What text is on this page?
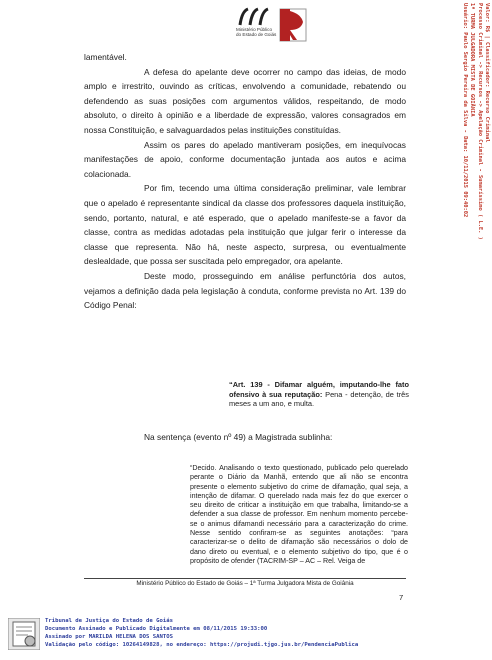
Ministério Público
do Estado de Goiás	Valor: R$ | Classificador: Recurso Criminal
Processo Criminal -> Recursos -> Apelação Criminal - Sumaríssimo ( L.E. )
1ª TURMA JULGADORA MISTA DE GOIÂNIA
Usuário: Paulo Sergio Pereira da Silva - Data: 10/11/2015 09:40:02

lamentável.

A defesa do apelante deve ocorrer no campo das ideias, de modo amplo e irrestrito, ouvindo as críticas, envolvendo a comunidade, rebatendo ou defendendo as suas posições com argumentos válidos, respeitando, de modo absoluto, o direito à opinião e a liberdade de expressão, valores consagrados em nossa Constituição, e salvaguardados pelas instituições constituídas.

Assim os pares do apelado mantiveram posições, em inequívocas manifestações de apoio, conforme documentação juntada aos autos e acima colacionada.

Por fim, tecendo uma última consideração preliminar, vale lembrar que o apelado é representante sindical da classe dos professores daquela instituição, sendo, portanto, natural, e até esperado, que o apelado manifeste-se a favor da classe, contra as medidas adotadas pela instituição que julgar ferir o interesse da classe que representa. Não há, neste aspecto, surpresa, ou eventualmente deslealdade, que possa ser suscitada pelo empregador, ora apelante.

Deste modo, prosseguindo em análise perfunctória dos autos, vejamos a definição dada pela legislação à conduta, conforme prevista no Art. 139 do Código Penal:

“Art. 139 - Difamar alguém, imputando-lhe fato ofensivo à sua reputação: Pena - detenção, de três meses a um ano, e multa.
Na sentença (evento nº 49) a Magistrada sublinha:
“Decido. Analisando o texto questionado, publicado pelo querelado perante o Diário da Manhã, entendo que ali não se encontra presente o elemento subjetivo do crime de difamação, qual seja, a intenção de difamar. O querelado nada mais fez do que exercer o seu direito de criticar a instituição em que trabalha, limitando-se a defender a sua classe de professor. Em nenhum momento percebe-se o animus difamandi necessário para a caracterização do crime. Nesse sentido confiram-se as seguintes anotações: “para caracterizar-se o delito de difamação são necessários o dolo de dano direto ou eventual, e o elemento subjetivo do tipo, que é o propósito de ofender (TACRIM-SP – AC – Rel. Veiga de
Ministério Público do Estado de Goiás – 1ª Turma Julgadora Mista de Goiânia
7
Tribunal de Justiça do Estado de Goiás
Documento Assinado e Publicado Digitalmente em 08/11/2015 19:33:00
Assinado por MARILDA HELENA DOS SANTOS
Validação pelo código: 10264149828, no endereço: https://projudi.tjgo.jus.br/PendenciaPublica
